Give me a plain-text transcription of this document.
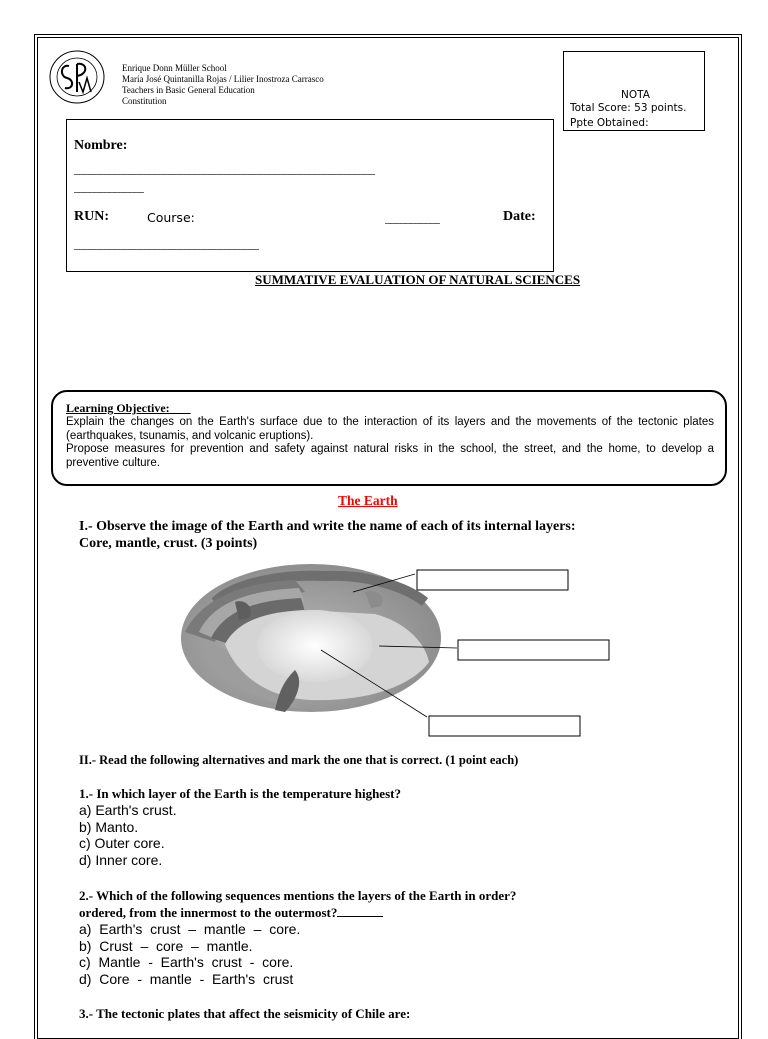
Enrique Donn Müller School
María José Quintanilla Rojas / Lilier Inostroza Carrasco
Teachers in Basic General Education
Constitution	NOTA
Total Score: 53 points.
Ppte Obtained:
Nombre:
____________________________________________________________
______________
RUN:	Course:	___________	Date:
_____________________________________
SUMMATIVE EVALUATION OF NATURAL SCIENCES
Learning Objective:

Explain the changes on the Earth's surface due to the interaction of its layers and the movements of the tectonic plates (earthquakes, tsunamis, and volcanic eruptions).

Propose measures for prevention and safety against natural risks in the school, the street, and the home, to develop a preventive culture.

The Earth
I.- Observe the image of the Earth and write the name of each of its internal layers:
Core, mantle, crust. (3 points)
II.- Read the following alternatives and mark the one that is correct. (1 point each)
1.- In which layer of the Earth is the temperature highest?
a) Earth's crust.
b) Manto.
c) Outer core.
d) Inner core.
2.- Which of the following sequences mentions the layers of the Earth in order?
ordered, from the innermost to the outermost?
a)  Earth's  crust  –  mantle  –  core.
b)  Crust  –  core  –  mantle.
c)  Mantle  -  Earth's  crust  -  core.
d)  Core  -  mantle  -  Earth's  crust
3.- The tectonic plates that affect the seismicity of Chile are:
